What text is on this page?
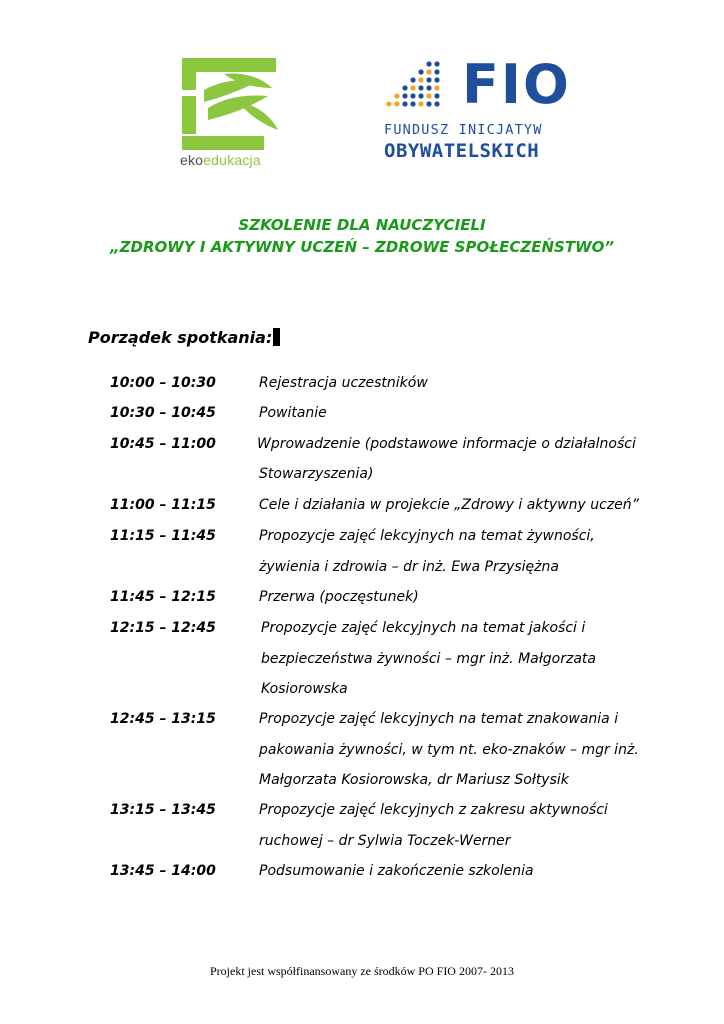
ekoedukacja
FIO
FUNDUSZ INICJATYW
OBYWATELSKICH
SZKOLENIE DLA NAUCZYCIELI
„ZDROWY I AKTYWNY UCZEŃ – ZDROWE SPOŁECZEŃSTWO”
Porządek spotkania:
10:00 – 10:30	Rejestracja uczestników
10:30 – 10:45	Powitanie
10:45 – 11:00	Wprowadzenie (podstawowe informacje o działalności
Stowarzyszenia)
11:00 – 11:15	Cele i działania w projekcie „Zdrowy i aktywny uczeń”
11:15 – 11:45	Propozycje zajęć lekcyjnych na temat żywności,
żywienia i zdrowia – dr inż. Ewa Przysiężna
11:45 – 12:15	Przerwa (poczęstunek)
12:15 – 12:45	Propozycje zajęć lekcyjnych na temat jakości i
bezpieczeństwa żywności – mgr inż. Małgorzata
Kosiorowska
12:45 – 13:15	Propozycje zajęć lekcyjnych na temat znakowania i
pakowania żywności, w tym nt. eko-znaków – mgr inż.
Małgorzata Kosiorowska, dr Mariusz Sołtysik
13:15 – 13:45	Propozycje zajęć lekcyjnych z zakresu aktywności
ruchowej – dr Sylwia Toczek-Werner
13:45 – 14:00	Podsumowanie i zakończenie szkolenia
Projekt jest współfinansowany ze środków PO FIO 2007- 2013
